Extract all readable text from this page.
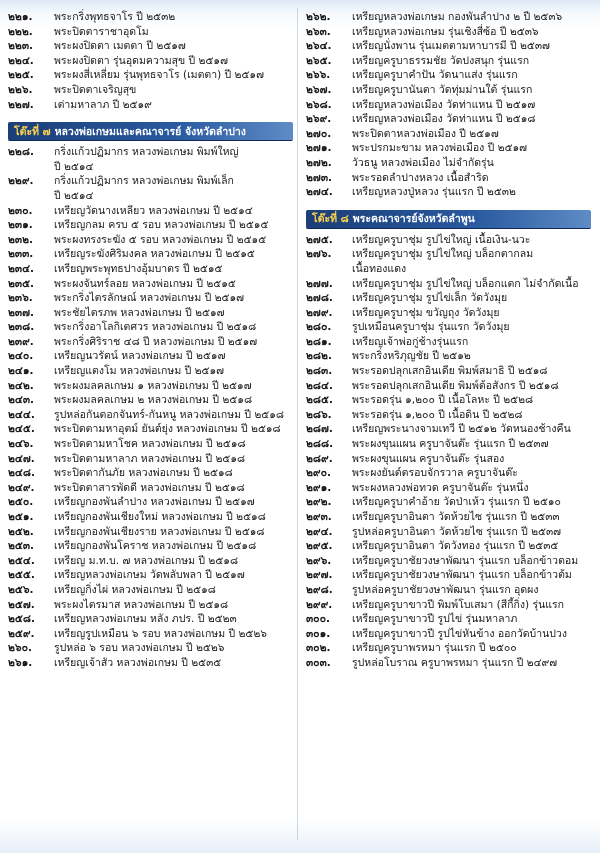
๒๒๑.	พระกริ่งพุทธจาโร ปี ๒๕๓๒
๒๒๒.	พระปิดตาราชาอุดโม
๒๒๓.	พระผงปิดตา เมตตา ปี ๒๕๑๗
๒๒๔.	พระผงปิดตา รุ่นอุดมความสุข ปี ๒๕๑๗
๒๒๕.	พระผงสี่เหลี่ยม รุ่นพุทธจาโร (เมตตา) ปี ๒๕๑๗
๒๒๖.	พระปิดตาเจริญสุข
๒๒๗.	เต่ามหาลาภ ปี ๒๕๑๙
โต๊ะที่ ๗ หลวงพ่อเกษมและคณาจารย์ จังหวัดลำปาง
๒๒๘.	กริ่งแก้วปฏิมากร หลวงพ่อเกษม พิมพ์ใหญ่
ปี ๒๕๑๔
๒๒๙.	กริ่งแก้วปฏิมากร หลวงพ่อเกษม พิมพ์เล็ก
ปี ๒๕๑๔
๒๓๐.	เหรียญวัดนางเหลียว หลวงพ่อเกษม ปี ๒๕๑๔
๒๓๑.	เหรียญกลม ครบ ๕ รอบ หลวงพ่อเกษม ปี ๒๕๑๕
๒๓๒.	พระผงทรงระฆัง ๕ รอบ หลวงพ่อเกษม ปี ๒๕๑๕
๒๓๓.	เหรียญระฆังศิริมงคล หลวงพ่อเกษม ปี ๒๕๑๕
๒๓๔.	เหรียญพระพุทธปางอุ้มบาตร ปี ๒๕๑๕
๒๓๕.	พระผงจันทร์ลอย หลวงพ่อเกษม ปี ๒๕๑๕
๒๓๖.	พระกริ่งไตรลักษณ์ หลวงพ่อเกษม ปี ๒๕๑๗
๒๓๗.	พระชัยไตรภพ หลวงพ่อเกษม ปี ๒๕๑๗
๒๓๘.	พระกริ่งอาโลกิเตศวร หลวงพ่อเกษม ปี ๒๕๑๘
๒๓๙.	พระกริ่งศิริราช ๔๘ ปี หลวงพ่อเกษม ปี ๒๕๑๗
๒๔๐.	เหรียญนวรัตน์ หลวงพ่อเกษม ปี ๒๕๑๗
๒๔๑.	เหรียญแตงโม หลวงพ่อเกษม ปี ๒๕๑๗
๒๔๒.	พระผงมลคลเกษม ๑ หลวงพ่อเกษม ปี ๒๕๑๗
๒๔๓.	พระผงมลคลเกษม ๒ หลวงพ่อเกษม ปี ๒๕๑๘
๒๔๔.	รูปหล่อกันตอกจันทร์-กันหนู หลวงพ่อเกษม ปี ๒๕๑๘
๒๔๕.	พระปิดตามหาอุตม์ ยันต์ยุ่ง หลวงพ่อเกษม ปี ๒๕๑๘
๒๔๖.	พระปิดตามหาโชค หลวงพ่อเกษม ปี ๒๕๑๘
๒๔๗.	พระปิดตามหาลาภ หลวงพ่อเกษม ปี ๒๕๑๘
๒๔๘.	พระปิดตากันภัย หลวงพ่อเกษม ปี ๒๕๑๘
๒๔๙.	พระปิดตาสารพัดดี หลวงพ่อเกษม ปี ๒๕๑๘
๒๕๐.	เหรียญกองพันลำปาง หลวงพ่อเกษม ปี ๒๕๑๗
๒๕๑.	เหรียญกองพันเชียงใหม่ หลวงพ่อเกษม ปี ๒๕๑๘
๒๕๒.	เหรียญกองพันเชียงราย หลวงพ่อเกษม ปี ๒๕๑๘
๒๕๓.	เหรียญกองพันโคราช หลวงพ่อเกษม ปี ๒๕๑๘
๒๕๔.	เหรียญ ม.ท.บ. ๗ หลวงพ่อเกษม ปี ๒๕๑๘
๒๕๕.	เหรียญหลวงพ่อเกษม วัดพลับพลา ปี ๒๕๑๗
๒๕๖.	เหรียญกิ่งไผ่ หลวงพ่อเกษม ปี ๒๕๑๘
๒๕๗.	พระผงไตรมาส หลวงพ่อเกษม ปี ๒๕๑๘
๒๕๘.	เหรียญหลวงพ่อเกษม หลัง ภปร. ปี ๒๕๒๓
๒๕๙.	เหรียญรูปเหมือน ๖ รอบ หลวงพ่อเกษม ปี ๒๕๒๖
๒๖๐.	รูปหล่อ ๖ รอบ หลวงพ่อเกษม ปี ๒๕๒๖
๒๖๑.	เหรียญเจ้าสัว หลวงพ่อเกษม ปี ๒๕๓๕
๒๖๒.	เหรียญหลวงพ่อเกษม กองพันลำปาง ๒ ปี ๒๕๓๖
๒๖๓.	เหรียญหลวงพ่อเกษม รุ่นเชิงสี่ซ้อ ปี ๒๕๓๖
๒๖๔.	เหรียญนั่งพาน รุ่นเมตตามหาบารมี ปี ๒๕๓๗
๒๖๕.	เหรียญครูบาธรรมชัย วัดปงสนุก รุ่นแรก
๒๖๖.	เหรียญครูบาคำปัน วัดนาแส่ง รุ่นแรก
๒๖๗.	เหรียญครูบานันตา วัดทุ่มม่านใต้ รุ่นแรก
๒๖๘.	เหรียญหลวงพ่อเมือง วัดท่าแหน ปี ๒๕๑๗
๒๖๙.	เหรียญหลวงพ่อเมือง วัดท่าแหน ปี ๒๕๑๘
๒๗๐.	พระปิดตาหลวงพ่อเมือง ปี ๒๕๑๗
๒๗๑.	พระปรกมะขาม หลวงพ่อเมือง ปี ๒๕๑๗
๒๗๒.	วัวธนู หลวงพ่อเมือง ไม่จำกัดรุ่น
๒๗๓.	พระรอดลำปางหลวง เนื้อสำริด
๒๗๔.	เหรียญหลวงปู่หลวง รุ่นแรก ปี ๒๕๓๒
โต๊ะที่ ๘ พระคณาจารย์จังหวัดลำพูน
๒๗๕.	เหรียญครูบาชุ่ม รูปไข่ใหญ่ เนื้อเงิน-นวะ
๒๗๖.	เหรียญครูบาชุ่ม รูปไข่ใหญ่ บล็อกตากลม
เนื้อทองแดง
๒๗๗.	เหรียญครูบาชุ่ม รูปไข่ใหญ่ บล็อกแตก ไม่จำกัดเนื้อ
๒๗๘.	เหรียญครูบาชุ่ม รูปไข่เล็ก วัดวังมุย
๒๗๙.	เหรียญครูบาชุ่ม ขวัญถุง วัดวังมุย
๒๘๐.	รูปเหมือนครูบาชุ่ม รุ่นแรก วัดวังมุย
๒๘๑.	เหรียญเจ้าพ่อกู่ช้างรุ่นแรก
๒๘๒.	พระกริ่งหริภุญชัย ปี ๒๕๑๒
๒๘๓.	พระรอดปลุกเสกอินเดีย พิมพ์สมาธิ ปี ๒๕๑๘
๒๘๔.	พระรอดปลุกเสกอินเดีย พิมพ์ต้อสังกร ปี ๒๕๑๘
๒๘๕.	พระรอดรุ่น ๑,๒๐๐ ปี เนื้อโลหะ ปี ๒๕๒๘
๒๘๖.	พระรอดรุ่น ๑,๒๐๐ ปี เนื้อดิน ปี ๒๕๒๘
๒๘๗.	เหรียญพระนางจามเทวี ปี ๒๕๑๒ วัดหนองช้างคืน
๒๘๘.	พระผงขุนแผน ครูบาจันต๊ะ รุ่นแรก ปี ๒๕๓๗
๒๘๙.	พระผงขุนแผน ครูบาจันต๊ะ รุ่นสอง
๒๙๐.	พระผงยันต์ตรอบจักรวาล ครูบาจันต๊ะ
๒๙๑.	พระผงหลวงพ่อทวด ครูบาจันต๊ะ รุ่นหนึ่ง
๒๙๒.	เหรียญครูบาคำอ้าย วัดป่าเห้ว รุ่นแรก ปี ๒๕๑๐
๒๙๓.	เหรียญครูบาอินตา วัดห้วยไซ รุ่นแรก ปี ๒๕๓๓
๒๙๔.	รูปหล่อครูบาอินตา วัดห้วยไซ รุ่นแรก ปี ๒๕๓๗
๒๙๕.	เหรียญครูบาอินตา วัดวังทอง รุ่นแรก ปี ๒๕๓๕
๒๙๖.	เหรียญครูบาชัยวงษาพัฒนา รุ่นแรก บล็อกข้าวตอม
๒๙๗.	เหรียญครูบาชัยวงษาพัฒนา รุ่นแรก บล็อกข้าวต้ม
๒๙๘.	รูปหล่อครูบาชัยวงษาพัฒนา รุ่นแรก อุดผง
๒๙๙.	เหรียญครูบาขาวปี พิมพ์โบเสมา (สีกี้กิ่ง) รุ่นแรก
๓๐๐.	เหรียญครูบาขาวปี รูปไข่ รุ่นมหาลาภ
๓๐๑.	เหรียญครูบาขาวปี รูปไข่หันข้าง ออกวัดบ้านปวง
๓๐๒.	เหรียญครูบาพรหมา รุ่นแรก ปี ๒๕๐๐
๓๐๓.	รูปหล่อโบราณ ครูบาพรหมา รุ่นแรก ปี ๒๔๙๗
